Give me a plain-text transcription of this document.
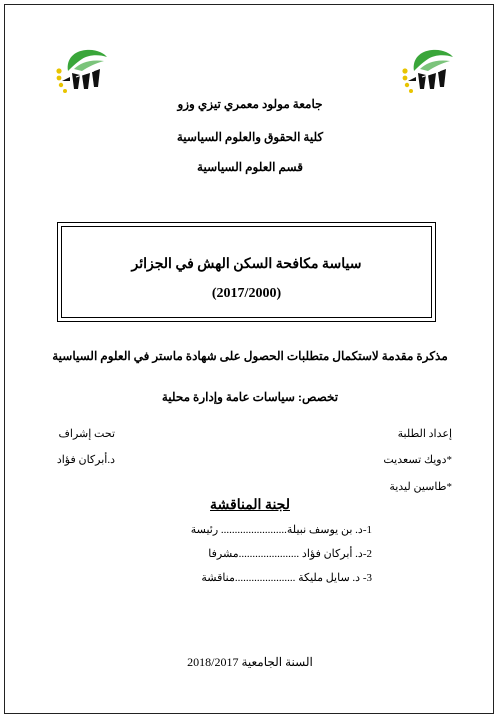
جامعة مولود معمري تيزي وزو
كلية الحقوق والعلوم السياسية
قسم العلوم السياسية
سياسة مكافحة السكن الهش في الجزائر
(2017/2000)
مذكرة مقدمة لاستكمال متطلبات الحصول على شهادة ماستر في العلوم السياسية
تخصص: سياسات عامة وإدارة محلية
إعداد الطلبة
*دويك تسعديت
*طاسين ليدية
تحت إشراف
د.أبركان فؤاد
لجنة المناقشة
1-د. بن يوسف نبيلة........................ رئيسة
2-د. أبركان فؤاد ......................مشرفا
3- د. سايل مليكة ......................مناقشة
السنة الجامعية 2018/2017
